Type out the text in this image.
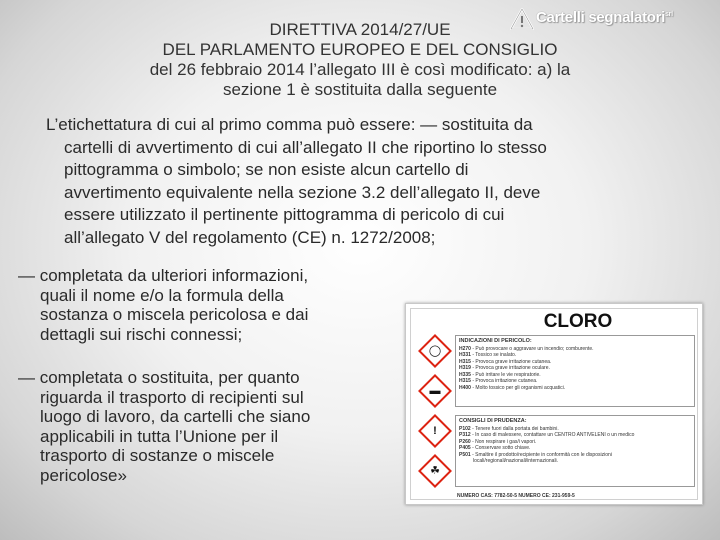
Cartelli segnalatori$^{srl}$
DIRETTIVA 2014/27/UE
DEL PARLAMENTO EUROPEO E DEL CONSIGLIO
del 26 febbraio 2014 l’allegato III è così modificato: a) la
sezione 1 è sostituita dalla seguente
L’etichettatura di cui al primo comma può essere: — sostituita da
cartelli di avvertimento di cui all’allegato II che riportino lo stesso
pittogramma o simbolo; se non esiste alcun cartello di
avvertimento equivalente nella sezione 3.2 dell’allegato II, deve
essere utilizzato il pertinente pittogramma di pericolo di cui
all’allegato V del regolamento (CE) n. 1272/2008;
— completata da ulteriori informazioni,
quali il nome e/o la formula della
sostanza o miscela pericolosa e dai
dettagli sui rischi connessi;
— completata o sostituita, per quanto
riguarda il trasporto di recipienti sul
luogo di lavoro, da cartelli che siano
applicabili in tutta l’Unione per il
trasporto di sostanze o miscele
pericolose»
CLORO
◯
▬
!
☘
INDICAZIONI DI PERICOLO:
H270 - Può provocare o aggravare un incendio; comburente.
H331 - Tossico se inalato.
H315 - Provoca grave irritazione cutanea.
H319 - Provoca grave irritazione oculare.
H335 - Può irritare le vie respiratorie.
H315 - Provoca irritazione cutanea.
H400 - Molto tossico per gli organismi acquatici.
CONSIGLI DI PRUDENZA:
P102 - Tenere fuori dalla portata dei bambini.
P312 - In caso di malessere, contattare un CENTRO ANTIVELENI o un medico
P260 - Non respirare i gas/i vapori.
P405 - Conservare sotto chiave.
P501 - Smaltire il prodotto/recipiente in conformità con le disposizioni
locali/regionali/nazionali/internazionali.
NUMERO CAS: 7782-50-5 NUMERO CE: 231-959-5
